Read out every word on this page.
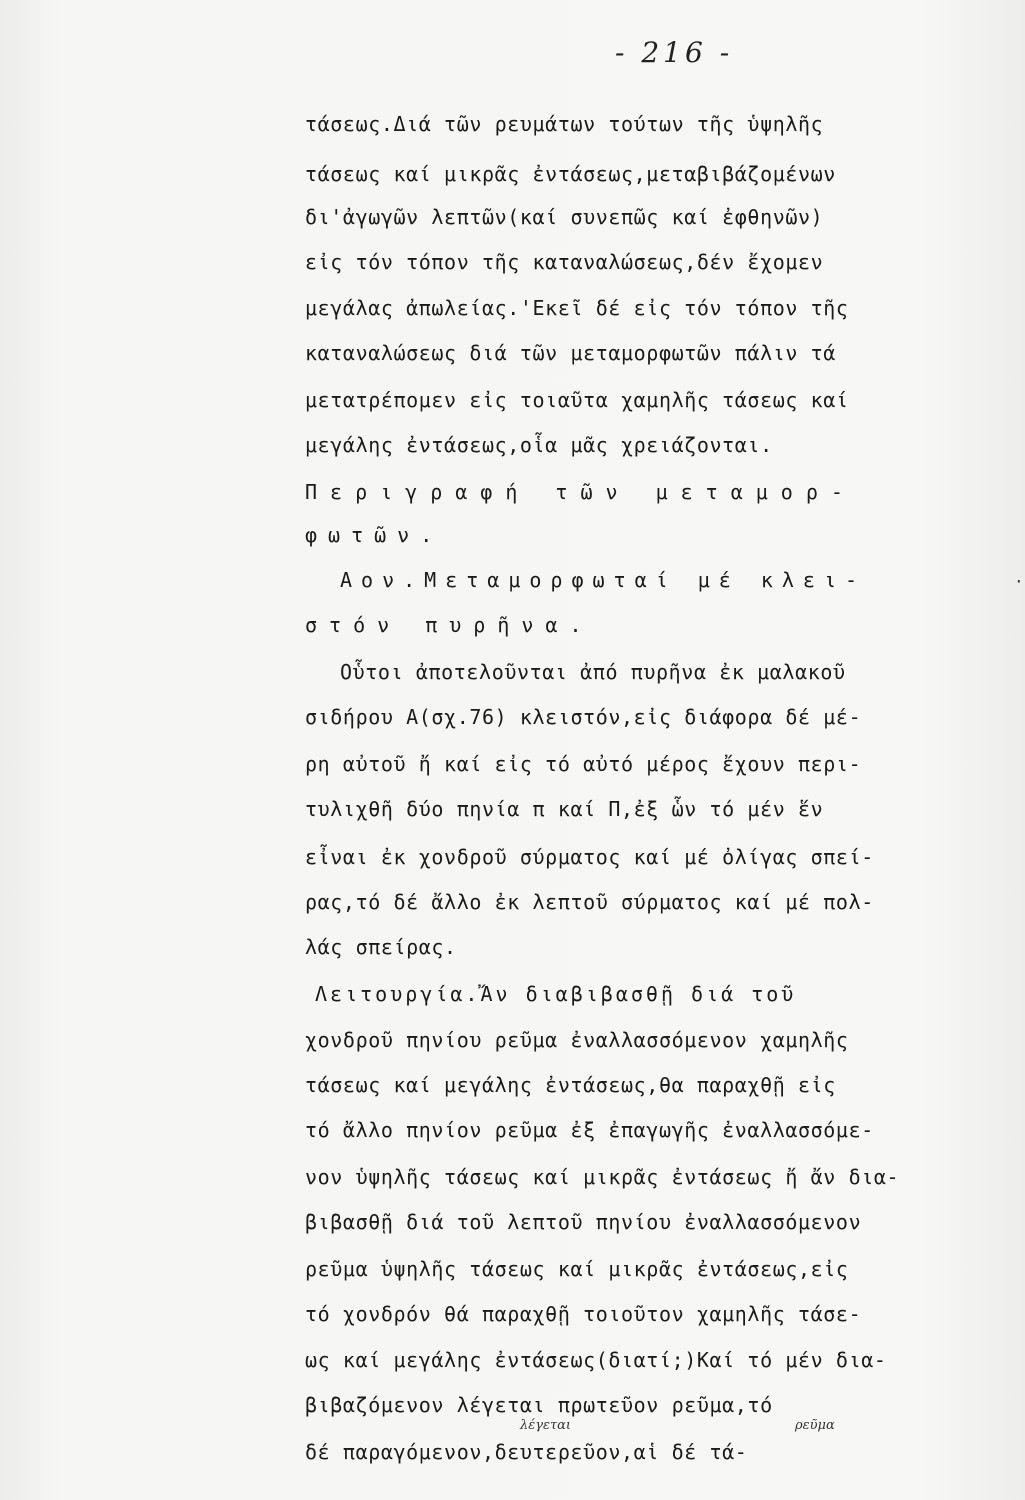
- 216 -
τάσεως.Διά τῶν ρευμάτων τούτων τῆς ὑψηλῆς
τάσεως καί μικρᾶς ἐντάσεως,μεταβιβάζομένων
δι'ἀγωγῶν λεπτῶν(καί συνεπῶς καί ἐφθηνῶν)
εἰς τόν τόπον τῆς καταναλώσεως,δέν ἔχομεν
μεγάλας ἀπωλείας.'Εκεῖ δέ εἰς τόν τόπον τῆς
καταναλώσεως διά τῶν μεταμορφωτῶν πάλιν τά
μετατρέπομεν εἰς τοιαῦτα χαμηλῆς τάσεως καί
μεγάλης ἐντάσεως,οἷα μᾶς χρειάζονται.
Περιγραφή τῶν μεταμορ-
φωτῶν.
Αον.Μεταμορφωταί μέ κλει-
στόν πυρῆνα.
Οὗτοι ἀποτελοῦνται ἀπό πυρῆνα ἐκ μαλακοῦ
σιδήρου Α(σχ.76) κλειστόν,εἰς διάφορα δέ μέ-
ρη αὐτοῦ ἤ καί εἰς τό αὐτό μέρος ἔχουν περι-
τυλιχθῆ δύο πηνία π καί Π,ἐξ ὧν τό μέν ἕν
εἶναι ἐκ χονδροῦ σύρματος καί μέ ὀλίγας σπεί-
ρας,τό δέ ἄλλο ἐκ λεπτοῦ σύρματος καί μέ πολ-
λάς σπείρας.
Λειτουργία.Ἄν διαβιβασθῇ διά τοῦ
χονδροῦ πηνίου ρεῦμα ἐναλλασσόμενον χαμηλῆς
τάσεως καί μεγάλης ἐντάσεως,θα παραχθῇ εἰς
τό ἄλλο πηνίον ρεῦμα ἐξ ἐπαγωγῆς ἐναλλασσόμε-
νον ὑψηλῆς τάσεως καί μικρᾶς ἐντάσεως ἤ ἄν δια-
βιβασθῇ διά τοῦ λεπτοῦ πηνίου ἐναλλασσόμενον
ρεῦμα ὑψηλῆς τάσεως καί μικρᾶς ἐντάσεως,εἰς
τό χονδρόν θά παραχθῇ τοιοῦτον χαμηλῆς τάσε-
ως καί μεγάλης ἐντάσεως(διατί;)Καί τό μέν δια-
βιβαζόμενον λέγεται πρωτεῦον ρεῦμα,τό
δέ παραγόμενον,δευτερεῦον,αἱ δέ τά-
λέγεται	ρεῦμα
·
